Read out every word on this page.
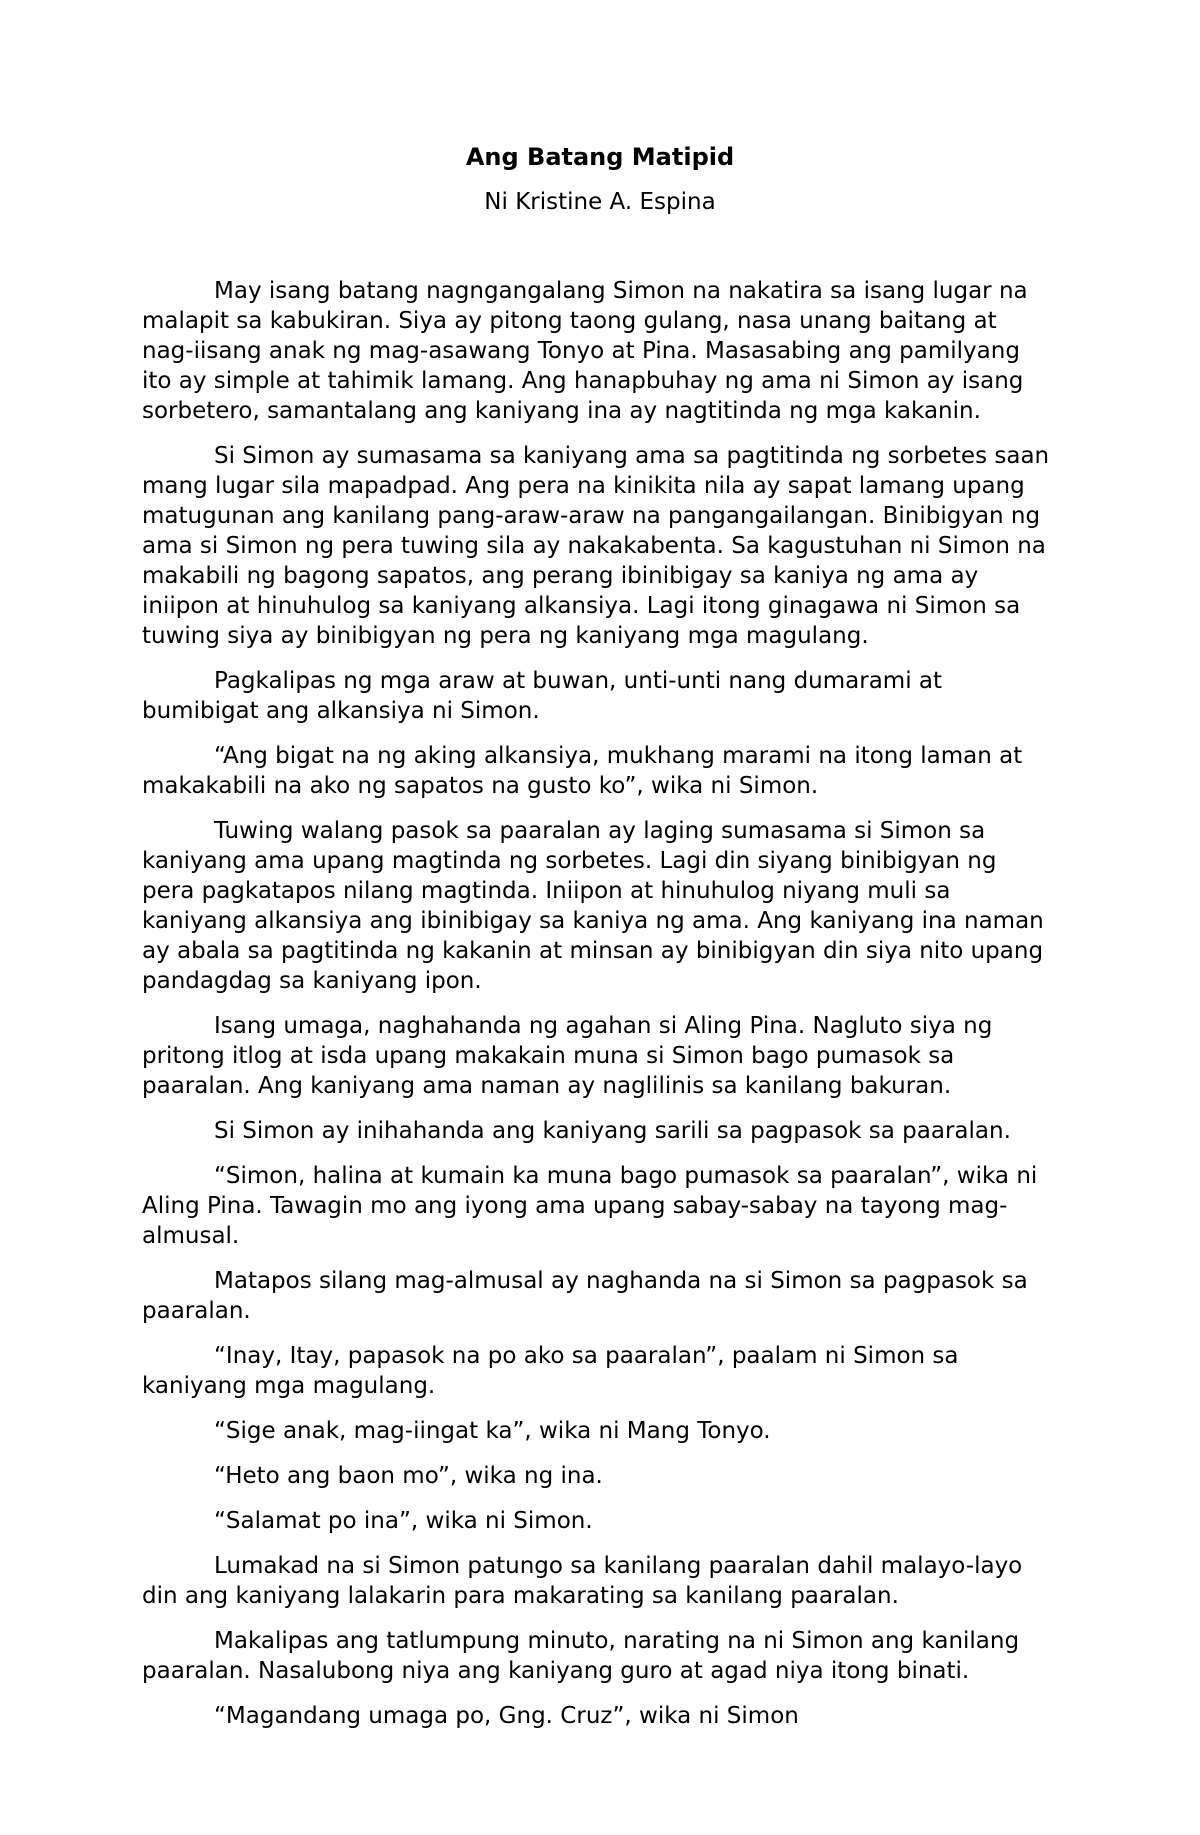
Ang Batang Matipid
Ni Kristine A. Espina

May isang batang nagngangalang Simon na nakatira sa isang lugar na malapit sa kabukiran. Siya ay pitong taong gulang, nasa unang baitang at nag-iisang anak ng mag-asawang Tonyo at Pina. Masasabing ang pamilyang ito ay simple at tahimik lamang. Ang hanapbuhay ng ama ni Simon ay isang sorbetero, samantalang ang kaniyang ina ay nagtitinda ng mga kakanin.

Si Simon ay sumasama sa kaniyang ama sa pagtitinda ng sorbetes saan mang lugar sila mapadpad. Ang pera na kinikita nila ay sapat lamang upang matugunan ang kanilang pang-araw-araw na pangangailangan. Binibigyan ng ama si Simon ng pera tuwing sila ay nakakabenta. Sa kagustuhan ni Simon na makabili ng bagong sapatos, ang perang ibinibigay sa kaniya ng ama ay iniipon at hinuhulog sa kaniyang alkansiya. Lagi itong ginagawa ni Simon sa tuwing siya ay binibigyan ng pera ng kaniyang mga magulang.

Pagkalipas ng mga araw at buwan, unti-unti nang dumarami at bumibigat ang alkansiya ni Simon.

“Ang bigat na ng aking alkansiya, mukhang marami na itong laman at makakabili na ako ng sapatos na gusto ko”, wika ni Simon.

Tuwing walang pasok sa paaralan ay laging sumasama si Simon sa kaniyang ama upang magtinda ng sorbetes. Lagi din siyang binibigyan ng pera pagkatapos nilang magtinda. Iniipon at hinuhulog niyang muli sa kaniyang alkansiya ang ibinibigay sa kaniya ng ama. Ang kaniyang ina naman ay abala sa pagtitinda ng kakanin at minsan ay binibigyan din siya nito upang pandagdag sa kaniyang ipon.

Isang umaga, naghahanda ng agahan si Aling Pina. Nagluto siya ng pritong itlog at isda upang makakain muna si Simon bago pumasok sa paaralan. Ang kaniyang ama naman ay naglilinis sa kanilang bakuran.

Si Simon ay inihahanda ang kaniyang sarili sa pagpasok sa paaralan.

“Simon, halina at kumain ka muna bago pumasok sa paaralan”, wika ni Aling Pina. Tawagin mo ang iyong ama upang sabay-sabay na tayong mag-almusal.

Matapos silang mag-almusal ay naghanda na si Simon sa pagpasok sa paaralan.

“Inay, Itay, papasok na po ako sa paaralan”, paalam ni Simon sa kaniyang mga magulang.

“Sige anak, mag-iingat ka”, wika ni Mang Tonyo.

“Heto ang baon mo”, wika ng ina.

“Salamat po ina”, wika ni Simon.

Lumakad na si Simon patungo sa kanilang paaralan dahil malayo-layo din ang kaniyang lalakarin para makarating sa kanilang paaralan.

Makalipas ang tatlumpung minuto, narating na ni Simon ang kanilang paaralan. Nasalubong niya ang kaniyang guro at agad niya itong binati.

“Magandang umaga po, Gng. Cruz”, wika ni Simon
